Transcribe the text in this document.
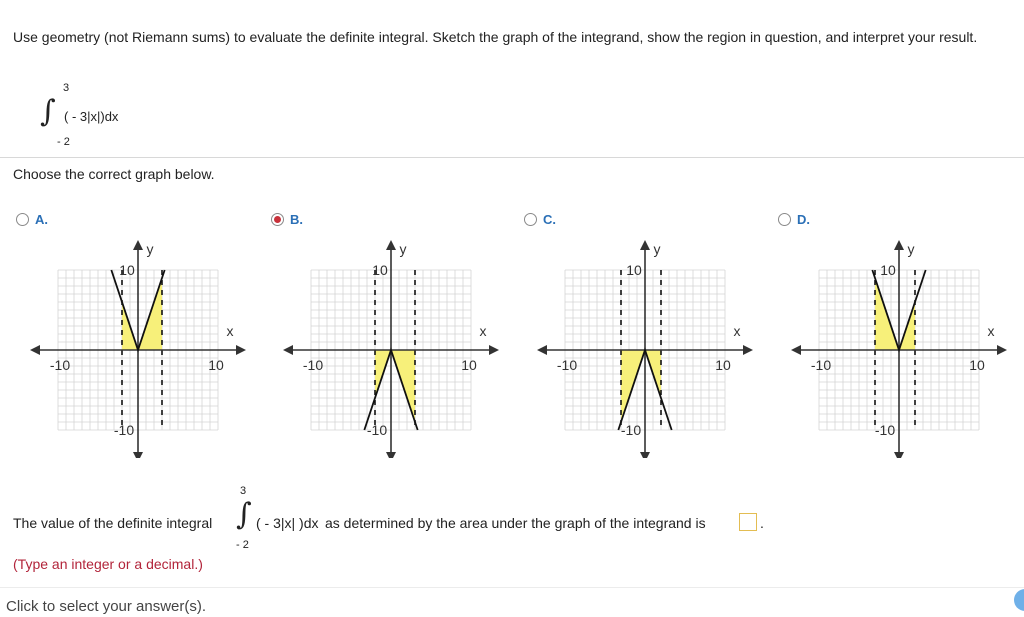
Use geometry (not Riemann sums) to evaluate the definite integral. Sketch the graph of the integrand, show the region in question, and interpret your result.
3
∫ ( - 3|x|)dx
- 2
Choose the correct graph below.
A.	B.	C.	D.
y
x
-10	10
10
-10
y
x
-10	10
10
-10
y
x
-10	10
10
-10
y
x
-10	10
10
-10
The value of the definite integral
3
∫
- 2
( - 3|x| )dx as determined by the area under the graph of the integrand is	.
(Type an integer or a decimal.)
Click to select your answer(s).
